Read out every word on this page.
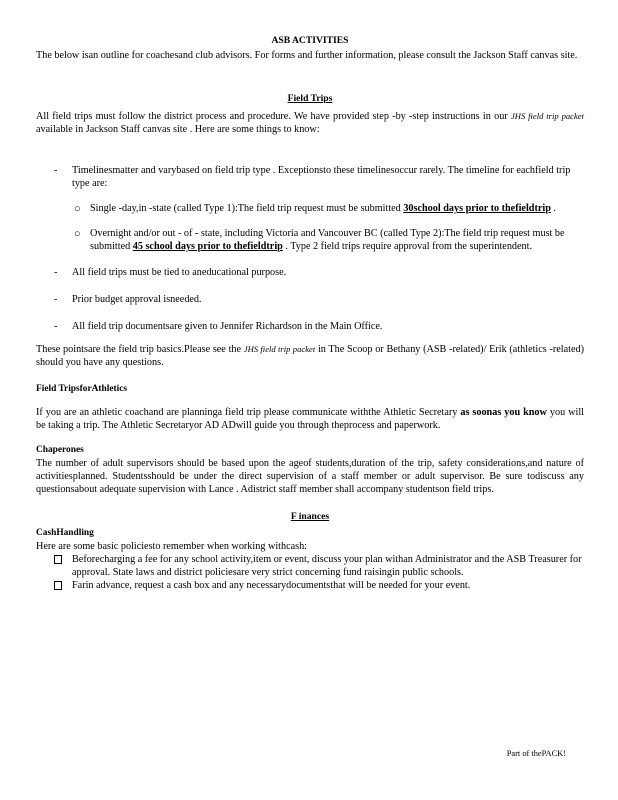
ASB ACTIVITIES

The below isan outline for coachesand club advisors. For forms and further information, please consult the Jackson Staff canvas site.

Field Trips

All field trips must follow the district process and procedure. We have provided step -by -step instructions in our JHS field trip packet available in Jackson Staff canvas site . Here are some things to know:

- Timelinesmatter and varybased on field trip type . Exceptionsto these timelinesoccur rarely. The timeline for eachfield trip type are:
○ Single -day,in -state (called Type 1):The field trip request must be submitted 30school days prior to thefieldtrip .
○ Overnight and/or out - of - state, including Victoria and Vancouver BC (called Type 2):The field trip request must be submitted 45 school days prior to thefieldtrip . Type 2 field trips require approval from the superintendent.
- All field trips must be tied to aneducational purpose.
- Prior budget approval isneeded.
- All field trip documentsare given to Jennifer Richardson in the Main Office.

These pointsare the field trip basics.Please see the JHS field trip packet in The Scoop or Bethany (ASB -related)/ Erik (athletics -related) should you have any questions.

Field TripsforAthletics

If you are an athletic coachand are planninga field trip please communicate withthe Athletic Secretary as soonas you know you will be taking a trip. The Athletic Secretaryor AD ADwill guide you through theprocess and paperwork.

Chaperones

The number of adult supervisors should be based upon the ageof students,duration of the trip, safety considerations,and nature of activitiesplanned. Studentsshould be under the direct supervision of a staff member or adult supervisor. Be sure todiscuss any questionsabout adequate supervision with Lance . Adistrict staff member shall accompany studentson field trips.

F inances

CashHandling

Here are some basic policiesto remember when working withcash:

Beforecharging a fee for any school activity,item or event, discuss your plan withan Administrator and the ASB Treasurer for approval. State laws and district policiesare very strict concerning fund raisingin public schools.
Farin advance, request a cash box and any necessarydocumentsthat will be needed for your event.
Part of thePACK!
